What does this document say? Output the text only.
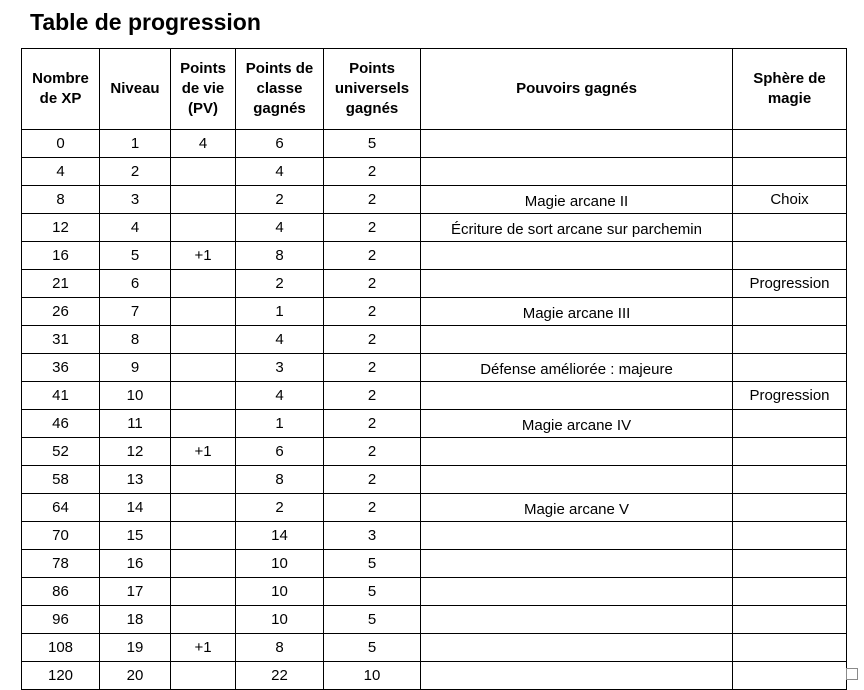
Table de progression
Nombre de XP	Niveau	Points de vie (PV)	Points de classe gagnés	Points universels gagnés	Pouvoirs gagnés	Sphère de magie
0	1	4	6	5		
4	2		4	2		
8	3		2	2	Magie arcane II	Choix
12	4		4	2	Écriture de sort arcane sur parchemin	
16	5	+1	8	2		
21	6		2	2		Progression
26	7		1	2	Magie arcane III	
31	8		4	2		
36	9		3	2	Défense améliorée : majeure	
41	10		4	2		Progression
46	11		1	2	Magie arcane IV	
52	12	+1	6	2		
58	13		8	2		
64	14		2	2	Magie arcane V	
70	15		14	3		
78	16		10	5		
86	17		10	5		
96	18		10	5		
108	19	+1	8	5		
120	20		22	10		
